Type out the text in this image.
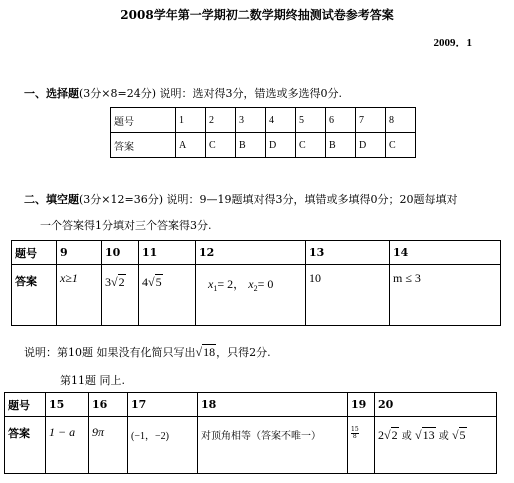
2008学年第一学期初二数学期终抽测试卷参考答案
2009．1
一、选择题(3分×8=24分) 说明：选对得3分，错选或多选得0分.
题号	1	2	3	4	5	6	7	8
答案	A	C	B	D	C	B	D	C
二、填空题(3分×12=36分) 说明：9—19题填对得3分，填错或多填得0分；20题每填对
一个答案得1分填对三个答案得3分.
题号	9	10	11	12	13	14
答案	x≥1	3√2	4√5	$x_1= 2$， $x_2= 0$	10	m ≤ 3
说明：第10题 如果没有化简只写出√18，只得2分.
第11题 同上.
题号	15	16	17	18	19	20
答案	1 − a	9π	(−1，−2)	对顶角相等（答案不唯一）	$\frac{15}{8}$	2√2 或 √13 或 √5
